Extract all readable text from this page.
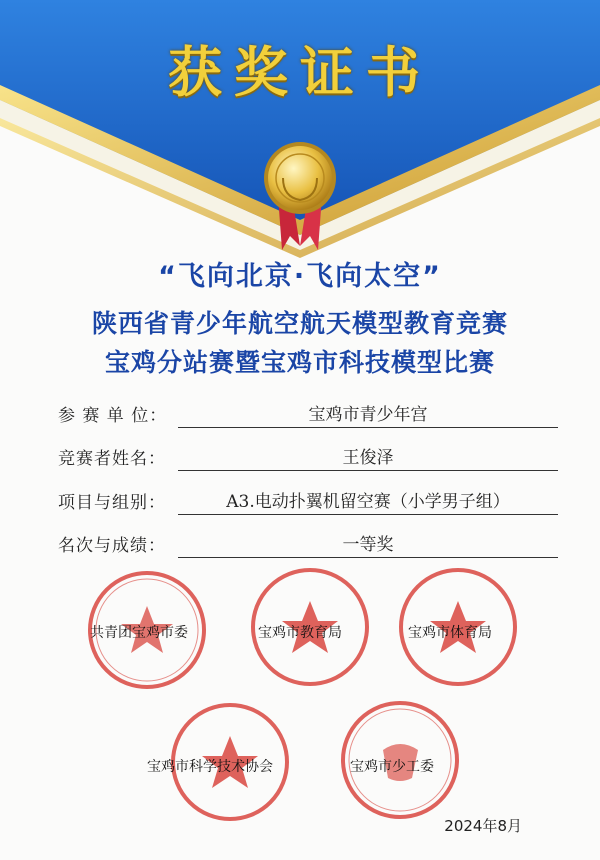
获奖证书
“飞向北京·飞向太空”
陕西省青少年航空航天模型教育竞赛
宝鸡分站赛暨宝鸡市科技模型比赛
参 赛 单 位：	宝鸡市青少年宫
竞赛者姓名：	王俊泽
项目与组别：	A3.电动扑翼机留空赛（小学男子组）
名次与成绩：	一等奖
共青团宝鸡市委	宝鸡市教育局	宝鸡市体育局
宝鸡市科学技术协会	宝鸡市少工委
2024年8月
